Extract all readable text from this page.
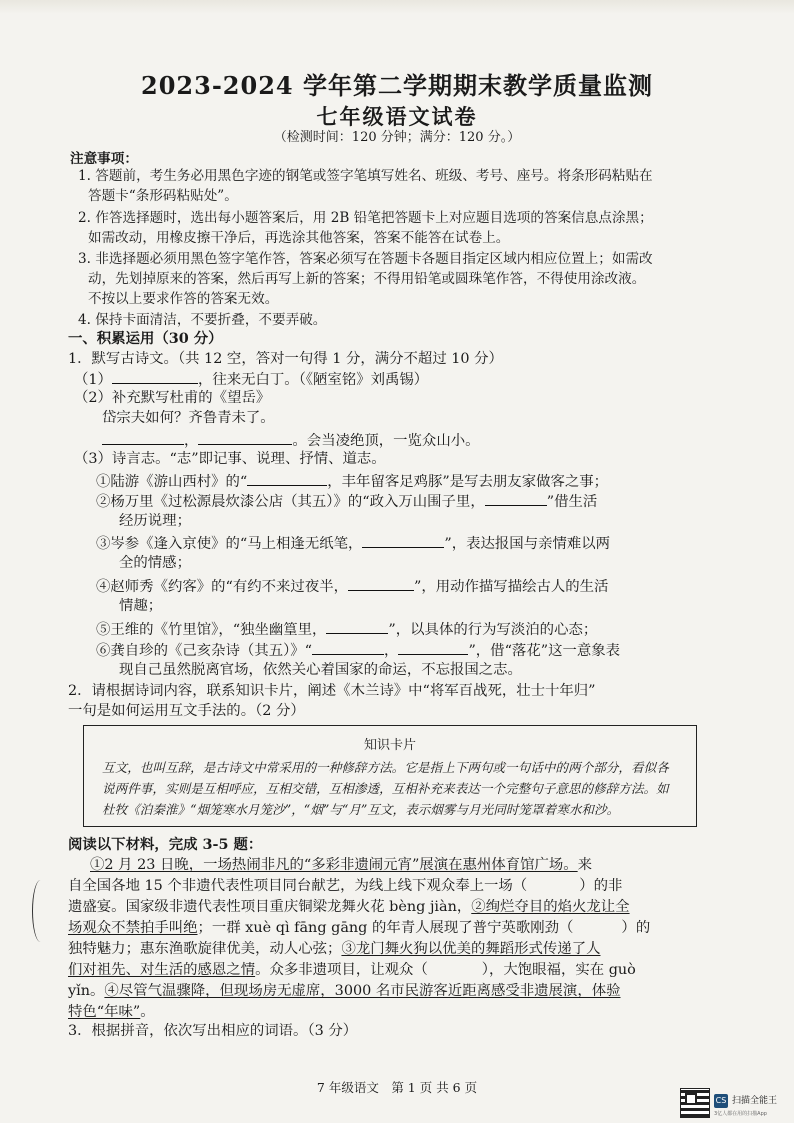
2023-2024 学年第二学期期末教学质量监测
七年级语文试卷
（检测时间：120 分钟；满分：120 分。）
注意事项：
1. 答题前，考生务必用黑色字迹的钢笔或签字笔填写姓名、班级、考号、座号。将条形码粘贴在
答题卡“条形码粘贴处”。
2. 作答选择题时，选出每小题答案后，用 2B 铅笔把答题卡上对应题目选项的答案信息点涂黑；
如需改动，用橡皮擦干净后，再选涂其他答案，答案不能答在试卷上。
3. 非选择题必须用黑色签字笔作答，答案必须写在答题卡各题目指定区域内相应位置上；如需改
动，先划掉原来的答案，然后再写上新的答案；不得用铅笔或圆珠笔作答，不得使用涂改液。
不按以上要求作答的答案无效。
4. 保持卡面清洁，不要折叠，不要弄破。
一、积累运用（30 分）
1．默写古诗文。（共 12 空，答对一句得 1 分，满分不超过 10 分）
（1）	，往来无白丁。（《陋室铭》刘禹锡）
（2）补充默写杜甫的《望岳》
岱宗夫如何？齐鲁青未了。
，	。会当凌绝顶，一览众山小。
（3）诗言志。“志”即记事、说理、抒情、道志。
①陆游《游山西村》的“	，丰年留客足鸡豚”是写去朋友家做客之事；
②杨万里《过松源晨炊漆公店（其五）》的“政入万山围子里，	”借生活
经历说理；
③岑参《逢入京使》的“马上相逢无纸笔，	”，表达报国与亲情难以两
全的情感；
④赵师秀《约客》的“有约不来过夜半，	”，用动作描写描绘古人的生活
情趣；
⑤王维的《竹里馆》，“独坐幽篁里，	”，以具体的行为写淡泊的心态；
⑥龚自珍的《己亥杂诗（其五）》“	，	”，借“落花”这一意象表
现自己虽然脱离官场，依然关心着国家的命运，不忘报国之志。
2．请根据诗词内容，联系知识卡片，阐述《木兰诗》中“将军百战死，壮士十年归”
一句是如何运用互文手法的。（2 分）
知识卡片
互文，也叫互辞，是古诗文中常采用的一种修辞方法。它是指上下两句或一句话中的两个部分，看似各说两件事，实则是互相呼应，互相交错，互相渗透，互相补充来表达一个完整句子意思的修辞方法。如杜牧《泊秦淮》“烟笼寒水月笼沙”，“烟”与“月”互文，表示烟雾与月光同时笼罩着寒水和沙。
阅读以下材料，完成 3-5 题：
①2 月 23 日晚，一场热闹非凡的“多彩非遗闹元宵”展演在惠州体育馆广场。来
自全国各地 15 个非遗代表性项目同台献艺，为线上线下观众奉上一场（	）的非
遗盛宴。国家级非遗代表性项目重庆铜梁龙舞火花 bèng jiàn，②绚烂夺目的焰火龙让全
场观众不禁拍手叫绝；一群 xuè qì fāng gāng 的年青人展现了普宁英歌刚劲（	）的
独特魅力；惠东渔歌旋律优美，动人心弦；③龙门舞火狗以优美的舞蹈形式传递了人
们对祖先、对生活的感恩之情。众多非遗项目，让观众（	），大饱眼福，实在 guò
yǐn。④尽管气温骤降，但现场房无虚席，3000 名市民游客近距离感受非遗展演，体验
特色“年味”。
3．根据拼音，依次写出相应的词语。（3 分）
7 年级语文　第 1 页 共 6 页
CS 扫描全能王
3亿人都在用的扫描App
